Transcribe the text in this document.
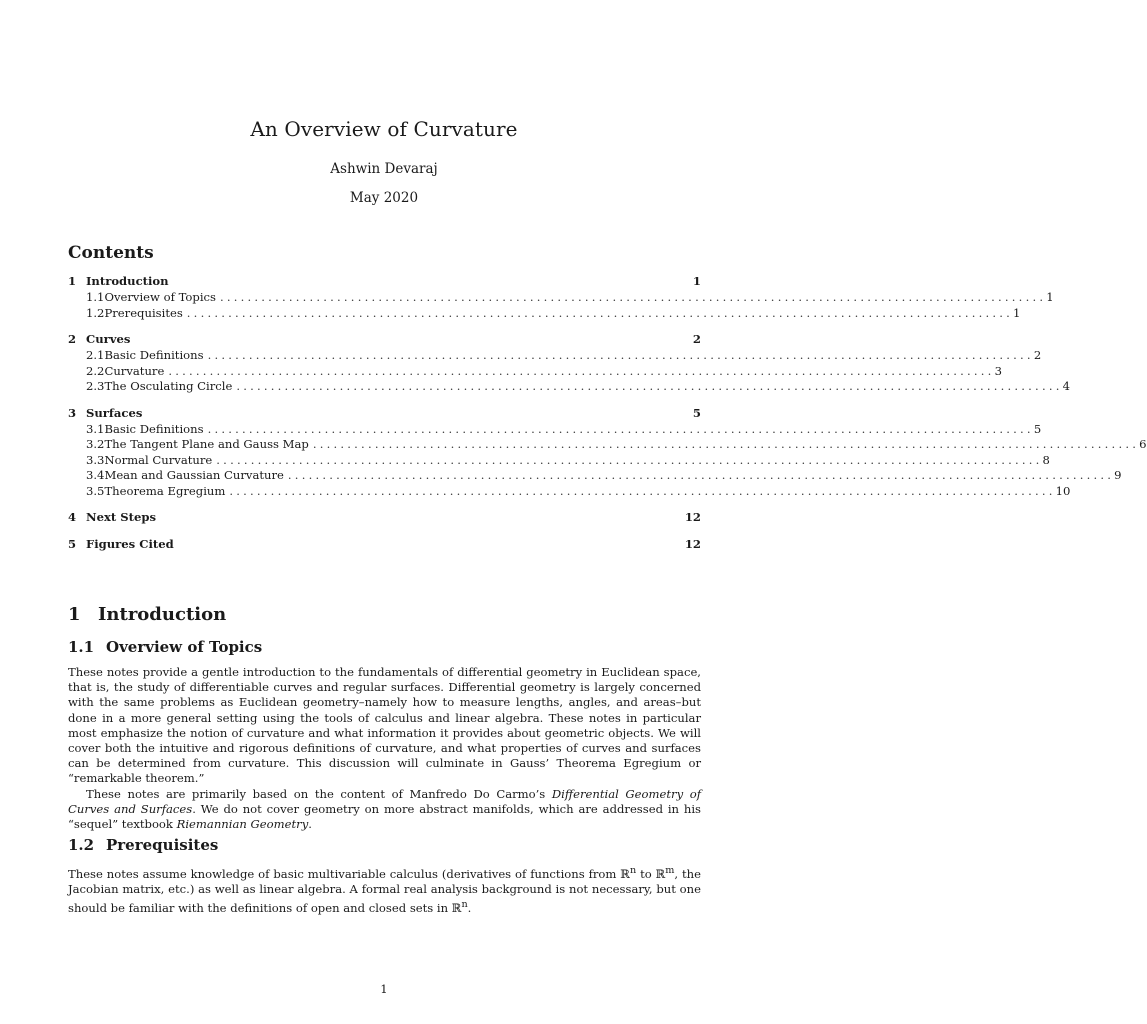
An Overview of Curvature
Ashwin Devaraj
May 2020
Contents
1 Introduction	1
1.1 Overview of Topics ........................................................................................................................ 1
1.2 Prerequisites ........................................................................................................................ 1
2 Curves	2
2.1 Basic Definitions ........................................................................................................................ 2
2.2 Curvature ........................................................................................................................ 3
2.3 The Osculating Circle ........................................................................................................................ 4
3 Surfaces	5
3.1 Basic Definitions ........................................................................................................................ 5
3.2 The Tangent Plane and Gauss Map ........................................................................................................................ 6
3.3 Normal Curvature ........................................................................................................................ 8
3.4 Mean and Gaussian Curvature ........................................................................................................................ 9
3.5 Theorema Egregium ........................................................................................................................ 10
4 Next Steps	12
5 Figures Cited	12
1 Introduction
1.1 Overview of Topics

These notes provide a gentle introduction to the fundamentals of differential geometry in Euclidean space, that is, the study of differentiable curves and regular surfaces. Differential geometry is largely concerned with the same problems as Euclidean geometry–namely how to measure lengths, angles, and areas–but done in a more general setting using the tools of calculus and linear algebra. These notes in particular most emphasize the notion of curvature and what information it provides about geometric objects. We will cover both the intuitive and rigorous definitions of curvature, and what properties of curves and surfaces can be determined from curvature. This discussion will culminate in Gauss’ Theorema Egregium or “remarkable theorem.”

These notes are primarily based on the content of Manfredo Do Carmo’s Differential Geometry of Curves and Surfaces. We do not cover geometry on more abstract manifolds, which are addressed in his “sequel” textbook Riemannian Geometry.

1.2 Prerequisites

These notes assume knowledge of basic multivariable calculus (derivatives of functions from ℝ$^n$ to ℝ$^m$, the Jacobian matrix, etc.) as well as linear algebra. A formal real analysis background is not necessary, but one should be familiar with the definitions of open and closed sets in ℝ$^n$.

1
